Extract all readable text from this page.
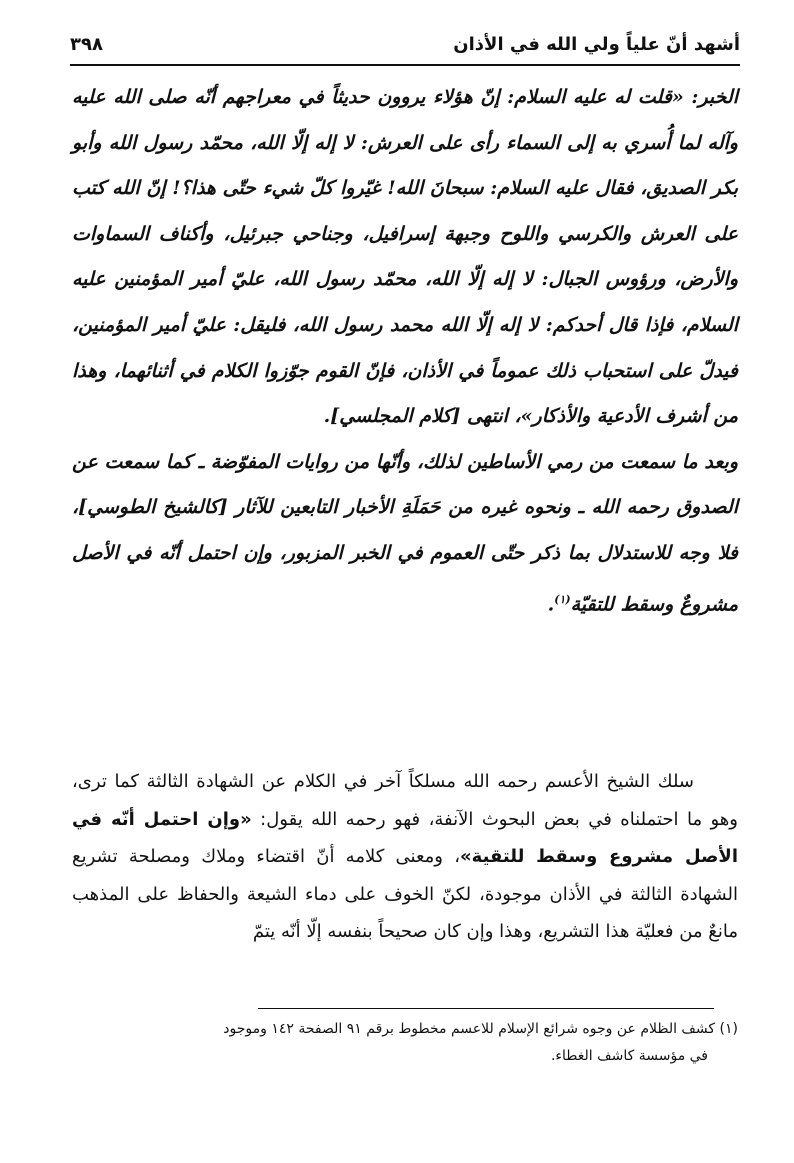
أشهد أنّ علياً ولي الله في الأذان
٣٩٨

الخبر: «قلت له عليه السلام: إنّ هؤلاء يروون حديثاً في معراجهم أنّه صلى الله عليه وآله لما أُسري به إلى السماء رأى على العرش: لا إله إلّا الله، محمّد رسول الله وأبو بكر الصديق، فقال عليه السلام: سبحانَ الله! غيّروا كلّ شيء حتّى هذا؟! إنّ الله كتب على العرش والكرسي واللوح وجبهة إسرافيل، وجناحي جبرئيل، وأكناف السماوات والأرض، ورؤوس الجبال: لا إله إلّا الله، محمّد رسول الله، عليّ أمير المؤمنين عليه السلام، فإذا قال أحدكم: لا إله إلّا الله محمد رسول الله، فليقل: عليّ أمير المؤمنين، فيدلّ على استحباب ذلك عموماً في الأذان، فإنّ القوم جوّزوا الكلام في أثنائهما، وهذا من أشرف الأدعية والأذكار»، انتهى [كلام المجلسي].

وبعد ما سمعت من رمي الأساطين لذلك، وأنّها من روايات المفوّضة ـ كما سمعت عن الصدوق رحمه الله ـ ونحوه غيره من حَمَلَةِ الأخبار التابعين للآثار [كالشيخ الطوسي]، فلا وجه للاستدلال بما ذكر حتّى العموم في الخبر المزبور، وإن احتمل أنّه في الأصل مشروعٌ وسقط للتقيّة$^{(١)}$.

سلك الشيخ الأعسم رحمه الله مسلكاً آخر في الكلام عن الشهادة الثالثة كما ترى، وهو ما احتملناه في بعض البحوث الآنفة، فهو رحمه الله يقول: «وإن احتمل أنّه في الأصل مشروع وسقط للتقية»، ومعنى كلامه أنّ اقتضاء وملاك ومصلحة تشريع الشهادة الثالثة في الأذان موجودة، لكنّ الخوف على دماء الشيعة والحفاظ على المذهب مانعٌ من فعليّة هذا التشريع، وهذا وإن كان صحيحاً بنفسه إلّا أنّه يتمّ

(١) كشف الظلام عن وجوه شرائع الإسلام للاعسم مخطوط برقم ٩١ الصفحة ١٤٢ وموجود

في مؤسسة كاشف الغطاء.
